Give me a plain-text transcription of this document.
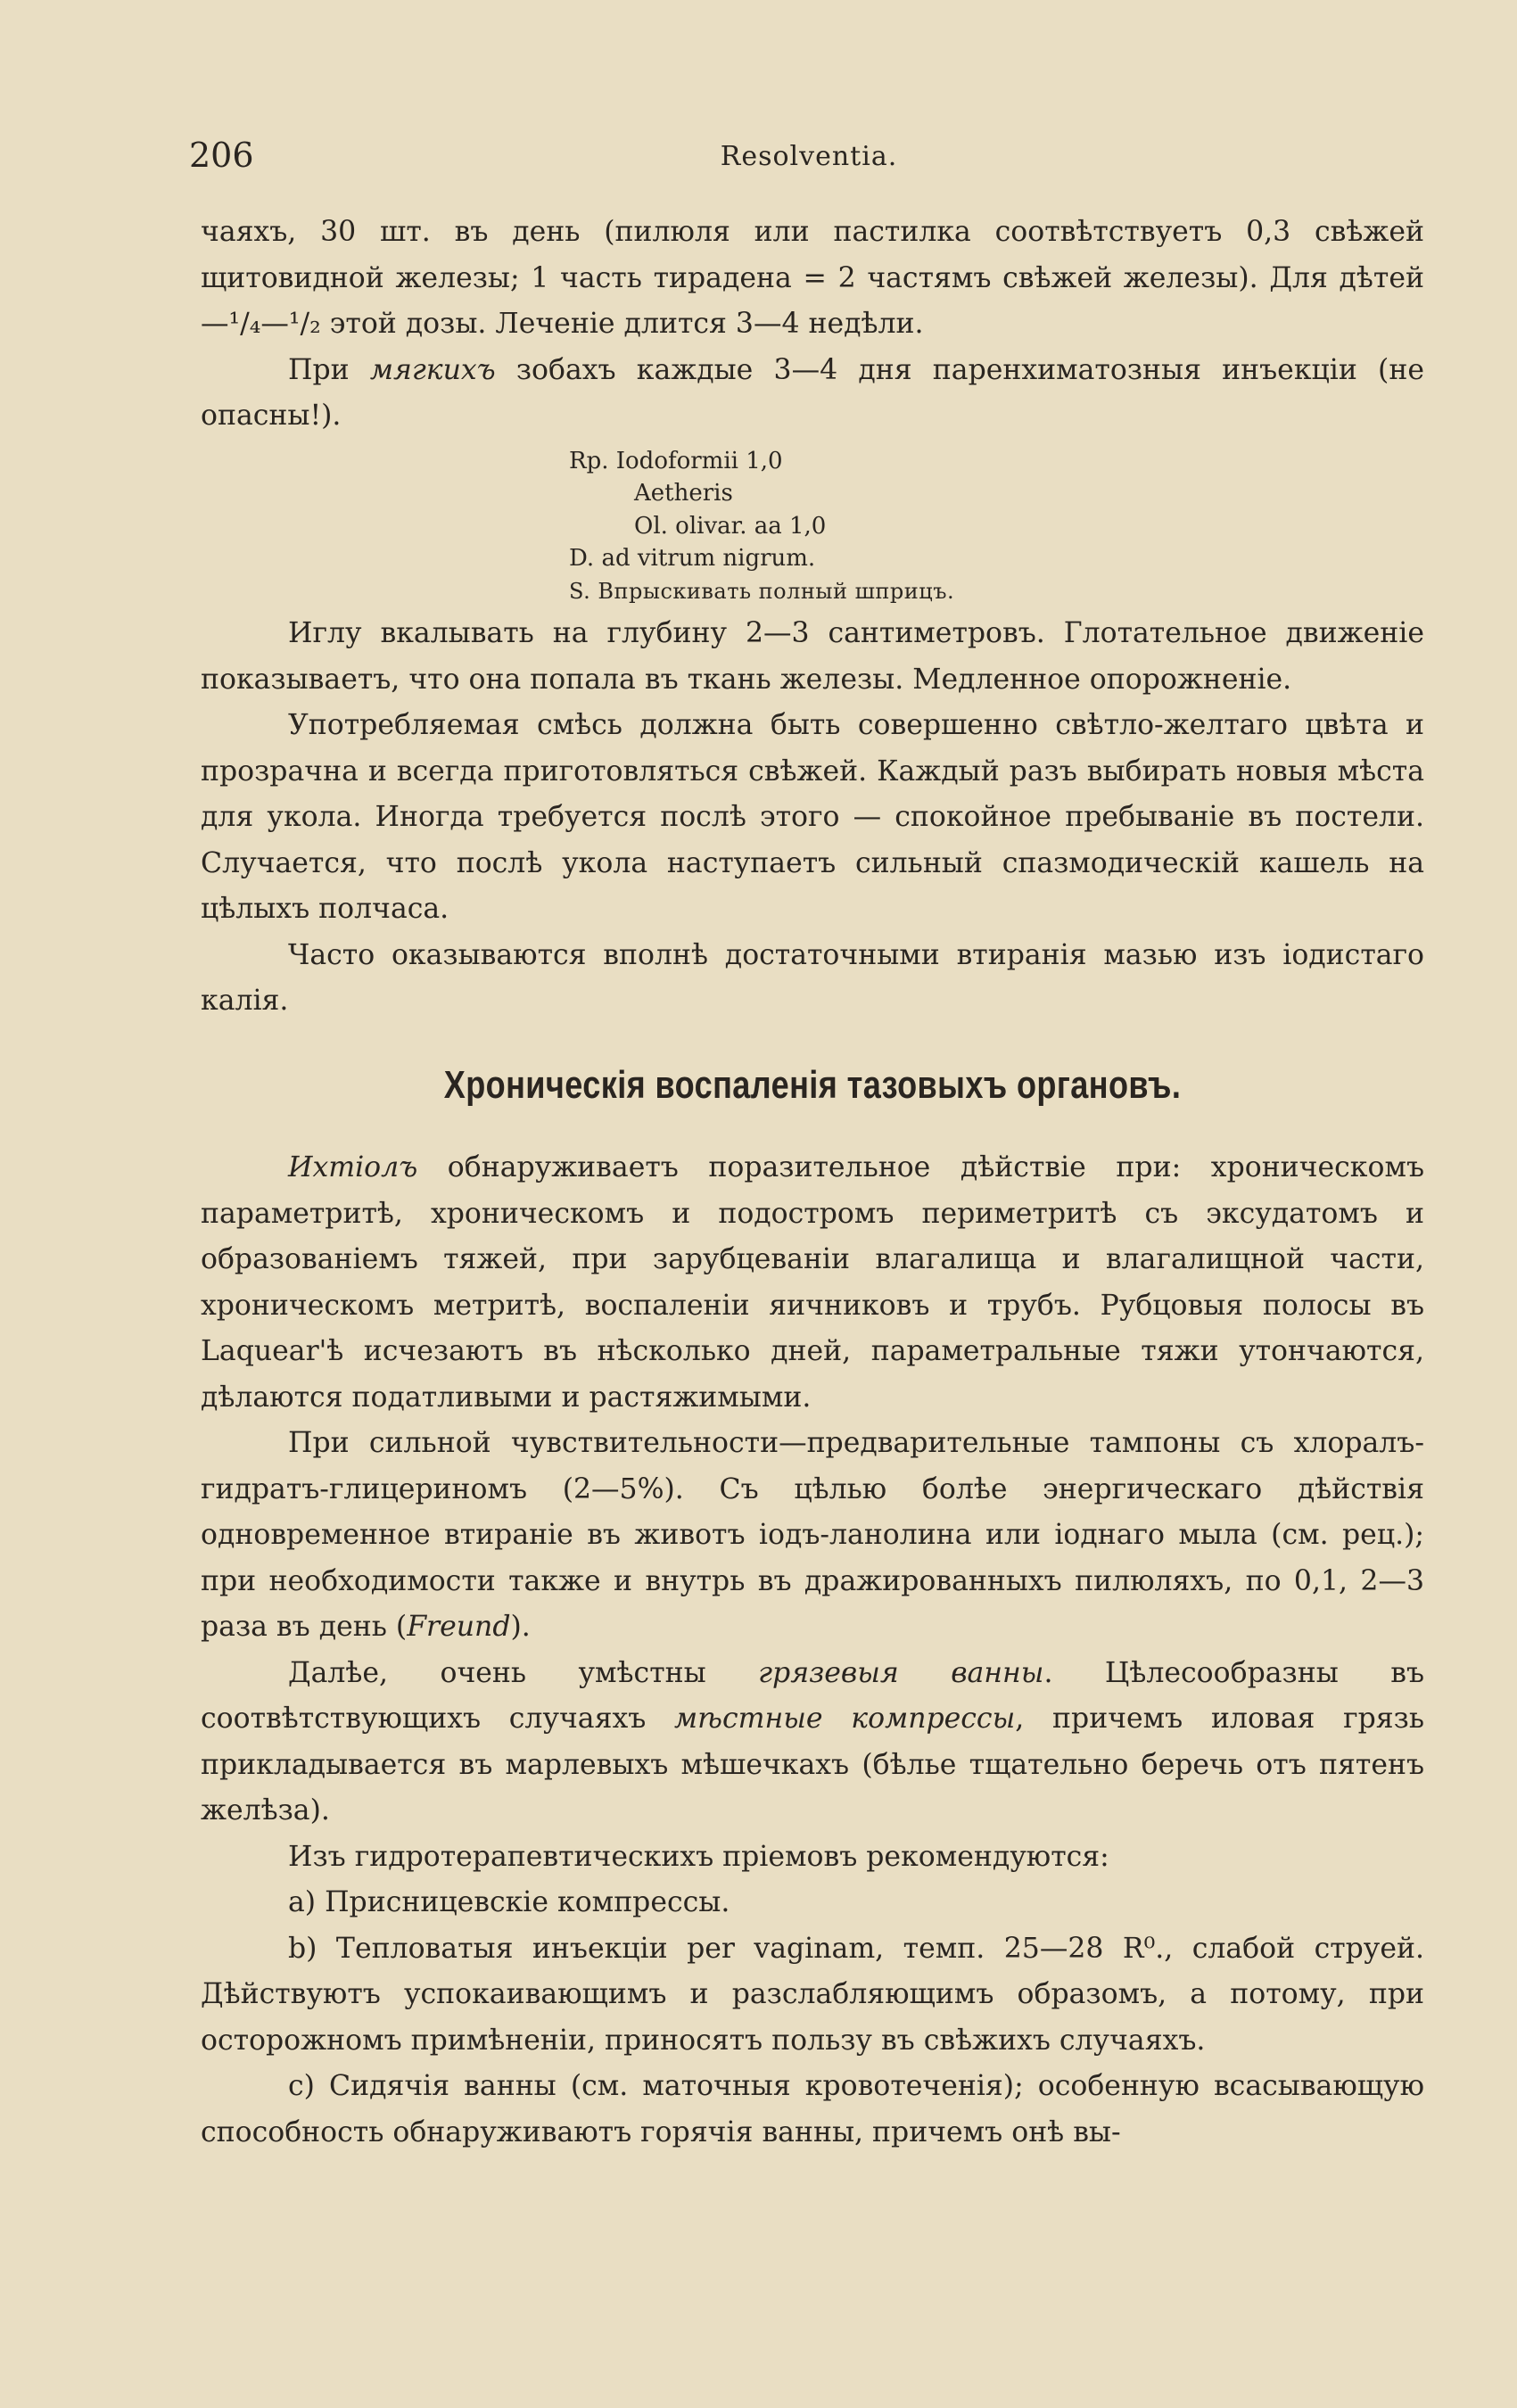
206	Resolventia.

чаяхъ, 30 шт. въ день (пилюля или пастилка соотвѣтствуетъ 0,3 свѣжей щитовидной железы; 1 часть тирадена = 2 частямъ свѣжей железы). Для дѣтей—¹/₄—¹/₂ этой дозы. Леченіе длится 3—4 недѣли.

При мягкихъ зобахъ каждые 3—4 дня паренхиматозныя инъекціи (не опасны!).

Rp. Iodoformii 1,0
Aetheris
Ol. olivar. aa 1,0
D. ad vitrum nigrum.
S. Впрыскивать полный шприцъ.

Иглу вкалывать на глубину 2—3 сантиметровъ. Глотательное движеніе показываетъ, что она попала въ ткань железы. Медленное опорожненіе.

Употребляемая смѣсь должна быть совершенно свѣтло-желтаго цвѣта и прозрачна и всегда приготовляться свѣжей. Каждый разъ выбирать новыя мѣста для укола. Иногда требуется послѣ этого — спокойное пребываніе въ постели. Случается, что послѣ укола наступаетъ сильный спазмодическій кашель на цѣлыхъ полчаса.

Часто оказываются вполнѣ достаточными втиранія мазью изъ іодистаго калія.

Хроническія воспаленія тазовыхъ органовъ.

Ихтіолъ обнаруживаетъ поразительное дѣйствіе при: хроническомъ параметритѣ, хроническомъ и подостромъ периметритѣ съ эксудатомъ и образованіемъ тяжей, при зарубцеваніи влагалища и влагалищной части, хроническомъ метритѣ, воспаленіи яичниковъ и трубъ. Рубцовыя полосы въ Laquear'ѣ исчезаютъ въ нѣсколько дней, параметральные тяжи утончаются, дѣлаются податливыми и растяжимыми.

При сильной чувствительности—предварительные тампоны съ хлоралъ-гидратъ-глицериномъ (2—5%). Съ цѣлью болѣе энергическаго дѣйствія одновременное втираніе въ животъ іодъ-ланолина или іоднаго мыла (см. рец.); при необходимости также и внутрь въ дражированныхъ пилюляхъ, по 0,1, 2—3 раза въ день (Freund).

Далѣе, очень умѣстны грязевыя ванны. Цѣлесообразны въ соотвѣтствующихъ случаяхъ мѣстные компрессы, причемъ иловая грязь прикладывается въ марлевыхъ мѣшечкахъ (бѣлье тщательно беречь отъ пятенъ желѣза).

Изъ гидротерапевтическихъ пріемовъ рекомендуются:

a) Присницевскіе компрессы.

b) Тепловатыя инъекціи per vaginam, темп. 25—28 R⁰., слабой струей. Дѣйствуютъ успокаивающимъ и разслабляющимъ образомъ, а потому, при осторожномъ примѣненіи, приносятъ пользу въ свѣжихъ случаяхъ.

c) Сидячія ванны (см. маточныя кровотеченія); особенную всасывающую способность обнаруживаютъ горячія ванны, причемъ онѣ вы-
